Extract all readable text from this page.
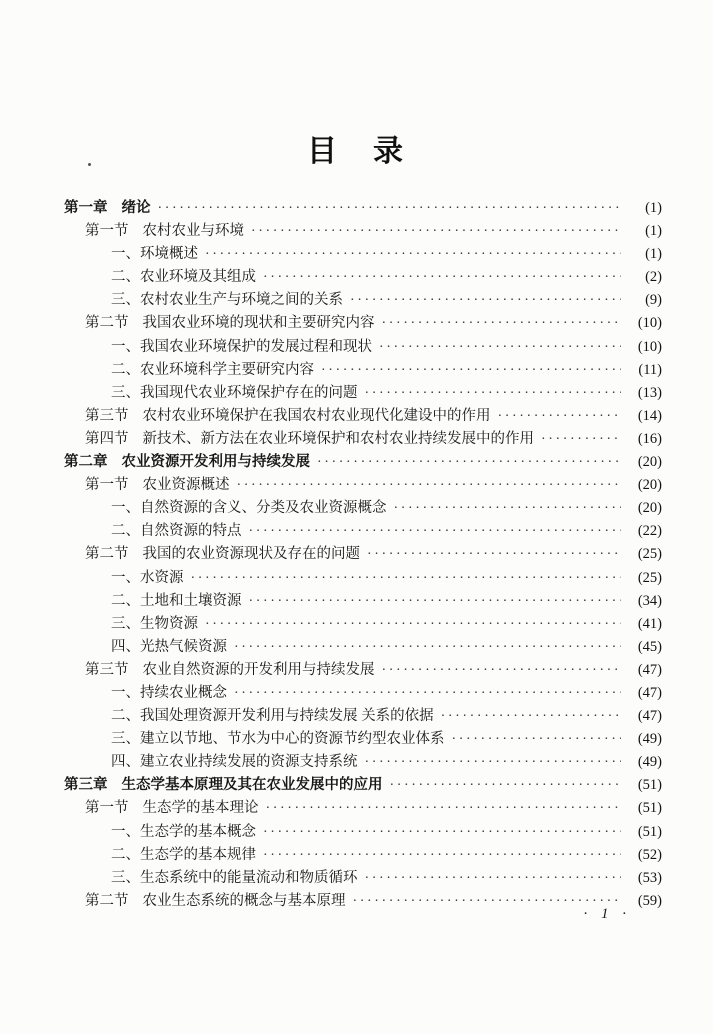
目　录
第一章 绪论 ·····	(1)
第一节 农村农业与环境 ·····	(1)
一、环境概述 ·····	(1)
二、农业环境及其组成 ·····	(2)
三、农村农业生产与环境之间的关系 ·····	(9)
第二节 我国农业环境的现状和主要研究内容 ·····	(10)
一、我国农业环境保护的发展过程和现状 ·····	(10)
二、农业环境科学主要研究内容 ·····	(11)
三、我国现代农业环境保护存在的问题 ·····	(13)
第三节 农村农业环境保护在我国农村农业现代化建设中的作用 ·····	(14)
第四节 新技术、新方法在农业环境保护和农村农业持续发展中的作用 ·····	(16)
第二章 农业资源开发利用与持续发展 ·····	(20)
第一节 农业资源概述 ·····	(20)
一、自然资源的含义、分类及农业资源概念 ·····	(20)
二、自然资源的特点 ·····	(22)
第二节 我国的农业资源现状及存在的问题 ·····	(25)
一、水资源 ·····	(25)
二、土地和土壤资源 ·····	(34)
三、生物资源 ·····	(41)
四、光热气候资源 ·····	(45)
第三节 农业自然资源的开发利用与持续发展 ·····	(47)
一、持续农业概念 ·····	(47)
二、我国处理资源开发利用与持续发展 关系的依据 ·····	(47)
三、建立以节地、节水为中心的资源节约型农业体系 ·····	(49)
四、建立农业持续发展的资源支持系统 ·····	(49)
第三章 生态学基本原理及其在农业发展中的应用 ·····	(51)
第一节 生态学的基本理论 ·····	(51)
一、生态学的基本概念 ·····	(51)
二、生态学的基本规律 ·····	(52)
三、生态系统中的能量流动和物质循环 ·····	(53)
第二节 农业生态系统的概念与基本原理 ·····	(59)
· 1 ·
